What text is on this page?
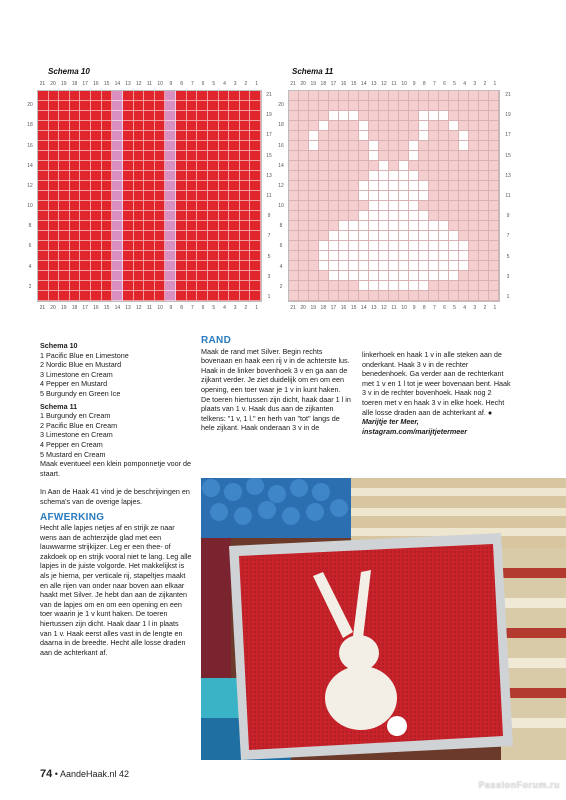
Schema 10
21	20	19	18	17	16	15	14	13	12	11	10	9	8	7	6	5	4	3	2	1
21	20	19	18	17	16	15	14	13	12	11	10	9	8	7	6	5	4	3	2	1
20
18
16
14
12
10
8
6
4
2
21
19
17
15
13
11
9
7
5
3
1
Schema 11
21 20 19 18 17 16 15 14 13 12 11 10	9	8	7	6	5	4	3	2	1
21 20 19 18 17 16 15 14 13 12 11 10	9	8	7	6	5	4	3	2	1
20
18
16
14
12
10
8
6
4
2
21
19
17
15
13
11
9
7
5
3
1

Schema 10

1 Pacific Blue en Limestone

2 Nordic Blue en Mustard

3 Limestone en Cream

4 Pepper en Mustard

5 Burgundy en Green Ice

Schema 11

1 Burgundy en Cream

2 Pacific Blue en Cream

3 Limestone en Cream

4 Pepper en Cream

5 Mustard en Cream

Maak eventueel een klein pomponnetje voor de staart.

In Aan de Haak 41 vind je de beschrijvingen en schema's van de overige lapjes.

AFWERKING

Hecht alle lapjes netjes af en strijk ze naar wens aan de achterzijde glad met een lauwwarme strijkijzer. Leg er een thee- of zakdoek op en strijk vooral niet te lang. Leg alle lapjes in de juiste volgorde. Het makkelijkst is als je hierna, per verticale rij, stapeltjes maakt en alle rijen van onder naar boven aan elkaar haakt met Silver. Je hebt dan aan de zijkanten van de lapjes om en om een opening en een toer waarin je 1 v kunt haken. De toeren hiertussen zijn dicht. Haak daar 1 l in plaats van 1 v. Haak eerst alles vast in de lengte en daarna in de breedte. Hecht alle losse draden aan de achterkant af.

RAND

Maak de rand met Silver. Begin rechts bovenaan en haak een rij v in de achterste lus. Haak in de linker bovenhoek 3 v en ga aan de zijkant verder. Je ziet duidelijk om en om een opening, een toer waar je 1 v in kunt haken. De toeren hiertussen zijn dicht, haak daar 1 l in plaats van 1 v. Haak dus aan de zijkanten telkens: "1 v, 1 l." en herh van "tot" langs de hele zijkant. Haak onderaan 3 v in de

linkerhoek en haak 1 v in alle steken aan de onderkant. Haak 3 v in de rechter benedenhoek. Ga verder aan de rechterkant met 1 v en 1 l tot je weer bovenaan bent. Haak 3 v in de rechter bovenhoek. Haak nog 2 toeren met v en haak 3 v in elke hoek. Hecht alle losse draden aan de achterkant af. ●

Marijtje ter Meer,

instagram.com/marijtjetermeer

74 • AandeHaak.nl 42
PassionForum.ru
